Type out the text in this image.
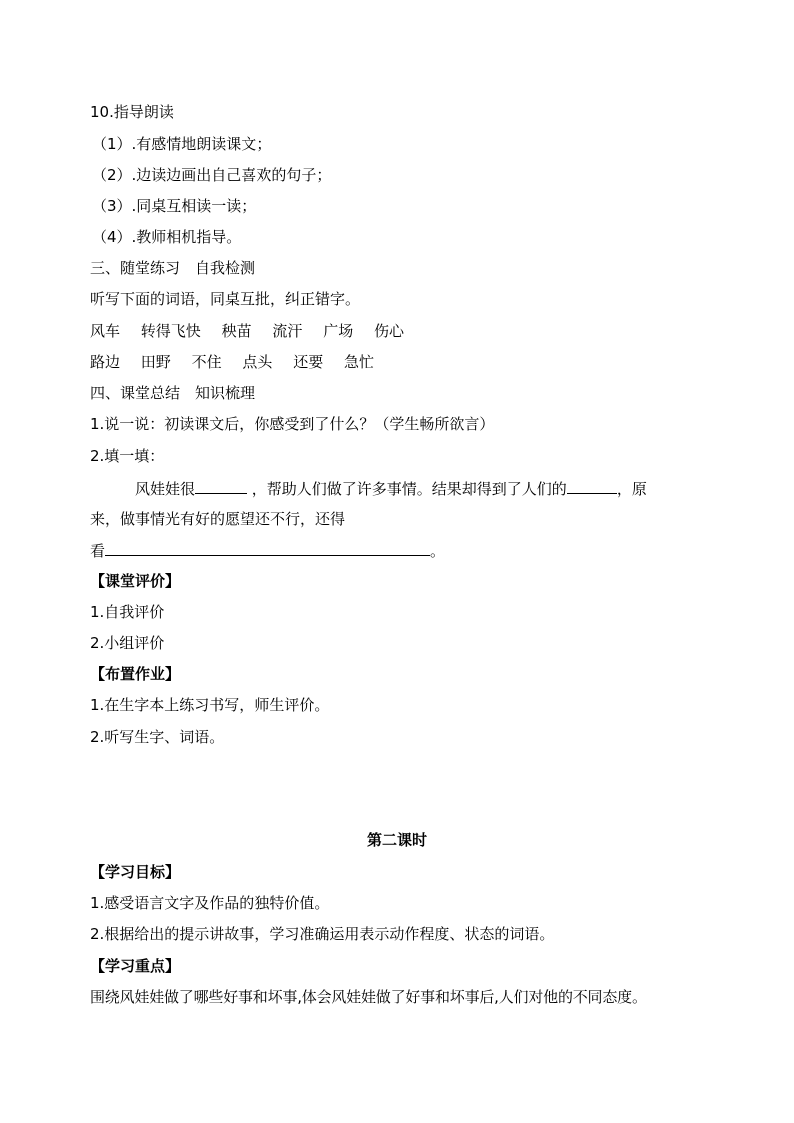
10.指导朗读
（1）.有感情地朗读课文；
（2）.边读边画出自己喜欢的句子；
（3）.同桌互相读一读；
（4）.教师相机指导。
三、随堂练习　自我检测
听写下面的词语，同桌互批，纠正错字。
风车 转得飞快 秧苗 流汗 广场 伤心
路边 田野 不住 点头 还要 急忙
四、课堂总结　知识梳理
1.说一说：初读课文后，你感受到了什么？（学生畅所欲言）
2.填一填：
风娃娃很	，帮助人们做了许多事情。结果却得到了人们的	，原
来，做事情光有好的愿望还不行，还得
看	。
【课堂评价】
1.自我评价
2.小组评价
【布置作业】
1.在生字本上练习书写，师生评价。
2.听写生字、词语。
第二课时
【学习目标】
1.感受语言文字及作品的独特价值。
2.根据给出的提示讲故事，学习准确运用表示动作程度、状态的词语。
【学习重点】
围绕风娃娃做了哪些好事和坏事,体会风娃娃做了好事和坏事后,人们对他的不同态度。
